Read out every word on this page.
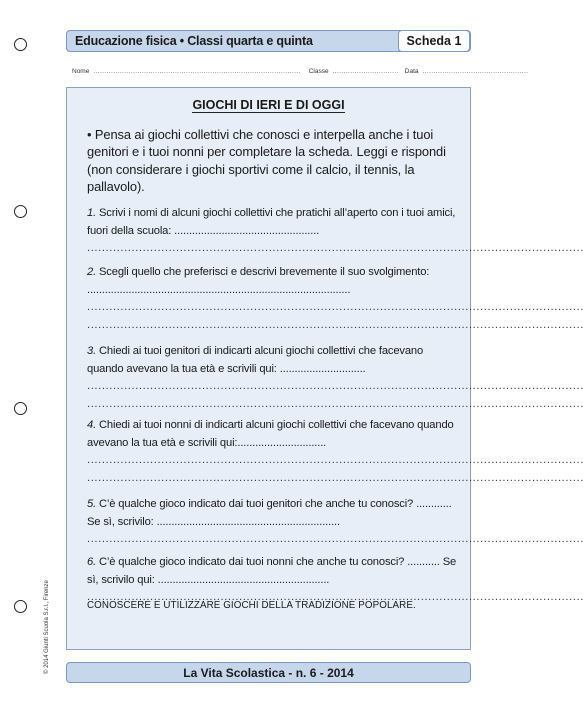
Educazione fisica • Classi quarta e quinta	Scheda 1
Nome .............................................................................................. Classe .............................. Data ................................................
GIOCHI DI IERI E DI OGGI
• Pensa ai giochi collettivi che conosci e interpella anche i tuoi genitori e i tuoi nonni per completare la scheda. Leggi e rispondi (non considerare i giochi sportivi come il calcio, il tennis, la pallavolo).
1. Scrivi i nomi di alcuni giochi collettivi che pratichi all’aperto con i tuoi amici, fuori della scuola: .................................................
......................................................................................................................................
2. Scegli quello che preferisci e descrivi brevemente il suo svolgimento: .........................................................................................
......................................................................................................................................
......................................................................................................................................
3. Chiedi ai tuoi genitori di indicarti alcuni giochi collettivi che facevano quando avevano la tua età e scrivili qui: .............................
......................................................................................................................................
......................................................................................................................................
4. Chiedi ai tuoi nonni di indicarti alcuni giochi collettivi che facevano quando avevano la tua età e scrivili qui:..............................
......................................................................................................................................
......................................................................................................................................
5. C’è qualche gioco indicato dai tuoi genitori che anche tu conosci? ............ Se sì, scrivilo: ..............................................................
......................................................................................................................................
6. C’è qualche gioco indicato dai tuoi nonni che anche tu conosci? ........... Se sì, scrivilo qui: ..........................................................
......................................................................................................................................
CONOSCERE E UTILIZZARE GIOCHI DELLA TRADIZIONE POPOLARE.
© 2014 Giunti Scuola S.r.l., Firenze	La Vita Scolastica - n. 6 - 2014
